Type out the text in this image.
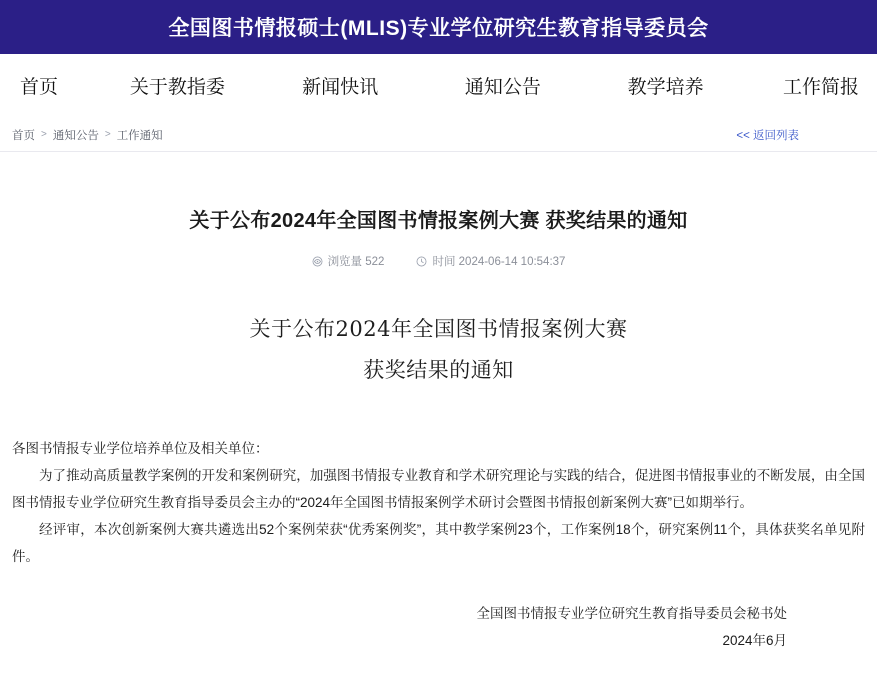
全国图书情报硕士(MLIS)专业学位研究生教育指导委员会
首页	关于教指委	新闻快讯	通知公告	教学培养	工作简报
首页 > 通知公告 > 工作通知	<< 返回列表
关于公布2024年全国图书情报案例大赛 获奖结果的通知
浏览量 522	时间 2024-06-14 10:54:37
关于公布2024年全国图书情报案例大赛
获奖结果的通知

各图书情报专业学位培养单位及相关单位：

为了推动高质量教学案例的开发和案例研究，加强图书情报专业教育和学术研究理论与实践的结合，促进图书情报事业的不断发展，由全国图书情报专业学位研究生教育指导委员会主办的“2024年全国图书情报案例学术研讨会暨图书情报创新案例大赛”已如期举行。

经评审，本次创新案例大赛共遴选出52个案例荣获“优秀案例奖”，其中教学案例23个，工作案例18个，研究案例11个，具体获奖名单见附件。

全国图书情报专业学位研究生教育指导委员会秘书处
2024年6月
